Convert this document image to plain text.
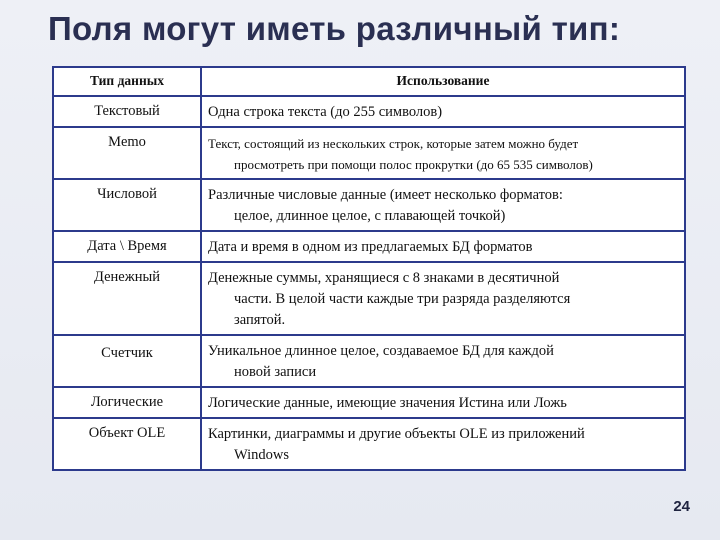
Поля могут иметь различный тип:
Тип данных	Использование
Текстовый	Одна строка текста (до 255 символов)
Memo	Текст, состоящий из нескольких строк, которые затем можно будет
просмотреть при помощи полос прокрутки (до 65 535 символов)

Числовой	Различные числовые данные (имеет несколько форматов:
целое, длинное целое, с плавающей точкой)

Дата \ Время	Дата и время в одном из предлагаемых БД форматов
Денежный	Денежные суммы, хранящиеся с 8 знаками в десятичной
части. В целой части каждые три разряда разделяются
запятой.

Счетчик	Уникальное длинное целое, создаваемое БД для каждой
новой записи

Логические	Логические данные, имеющие значения Истина или Ложь
Объект OLE	Картинки, диаграммы и другие объекты OLE из приложений
Windows
24
